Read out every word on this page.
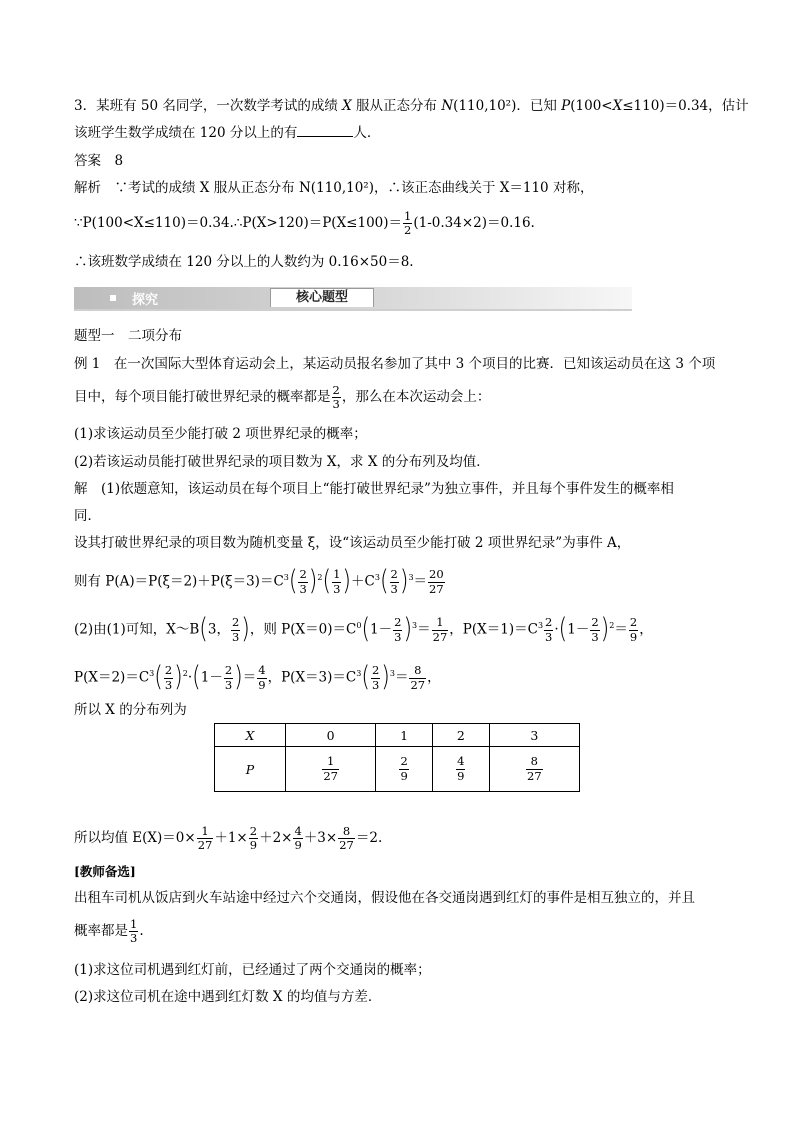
3．某班有 50 名同学，一次数学考试的成绩 X 服从正态分布 N(110,10²)．已知 P(100<X≤110)＝0.34，估计
该班学生数学成绩在 120 分以上的有	人．
答案　8
解析　∵考试的成绩 X 服从正态分布 N(110,10²)，∴该正态曲线关于 X＝110 对称，
∵P(100<X≤110)＝0.34.∴P(X>120)＝P(X≤100)＝ $\frac{1}{2} (1-0.34\times 2)=0.16$.
∴该班数学成绩在 120 分以上的人数约为 0.16×50＝8.
探究	核心题型
题型一　二项分布
例 1　在一次国际大型体育运动会上，某运动员报名参加了其中 3 个项目的比赛．已知该运动员在这 3 个项
目中，每个项目能打破世界纪录的概率都是 $\frac{2}{3}$ ，那么在本次运动会上：
(1)求该运动员至少能打破 2 项世界纪录的概率；
(2)若该运动员能打破世界纪录的项目数为 X，求 X 的分布列及均值．
解　(1)依题意知，该运动员在每个项目上“能打破世界纪录”为独立事件，并且每个事件发生的概率相
同．
设其打破世界纪录的项目数为随机变量 ξ，设“该运动员至少能打破 2 项世界纪录”为事件 A，
则有 $P(A)=P(\xi=2)+P(\xi=3)=C^3( \frac{2}{3} )^2( \frac{1}{3} )+C^3( \frac{2}{3} )^3= \frac{20}{27}$
(2)由(1)可知，X～B(3， $\frac{2}{3}$ )，则 $P(X=0)=C^0(1- \frac{2}{3} )^3= \frac{1}{27}$ ，$P(X=1)=C^3 \frac{2}{3} \cdot(1- \frac{2}{3} )^2= \frac{2}{9}$ ，
$P(X=2)=C^3( \frac{2}{3} )^2\cdot(1- \frac{2}{3}$ )＝ $\frac{4}{9}$ ，$P(X=3)=C^3( \frac{2}{3} )^3= \frac{8}{27}$ ，
所以 X 的分布列为
X	0	1	2	3
P	$\frac{1}{27}$	$\frac{2}{9}$	$\frac{4}{9}$	$\frac{8}{27}$
所以均值 $E(X)=0\times \frac{1}{27} +1\times \frac{2}{9} +2\times \frac{4}{9} +3\times \frac{8}{27} =2$.
[教师备选]
出租车司机从饭店到火车站途中经过六个交通岗，假设他在各交通岗遇到红灯的事件是相互独立的，并且
概率都是 $\frac{1}{3}$ .
(1)求这位司机遇到红灯前，已经通过了两个交通岗的概率；
(2)求这位司机在途中遇到红灯数 X 的均值与方差．
